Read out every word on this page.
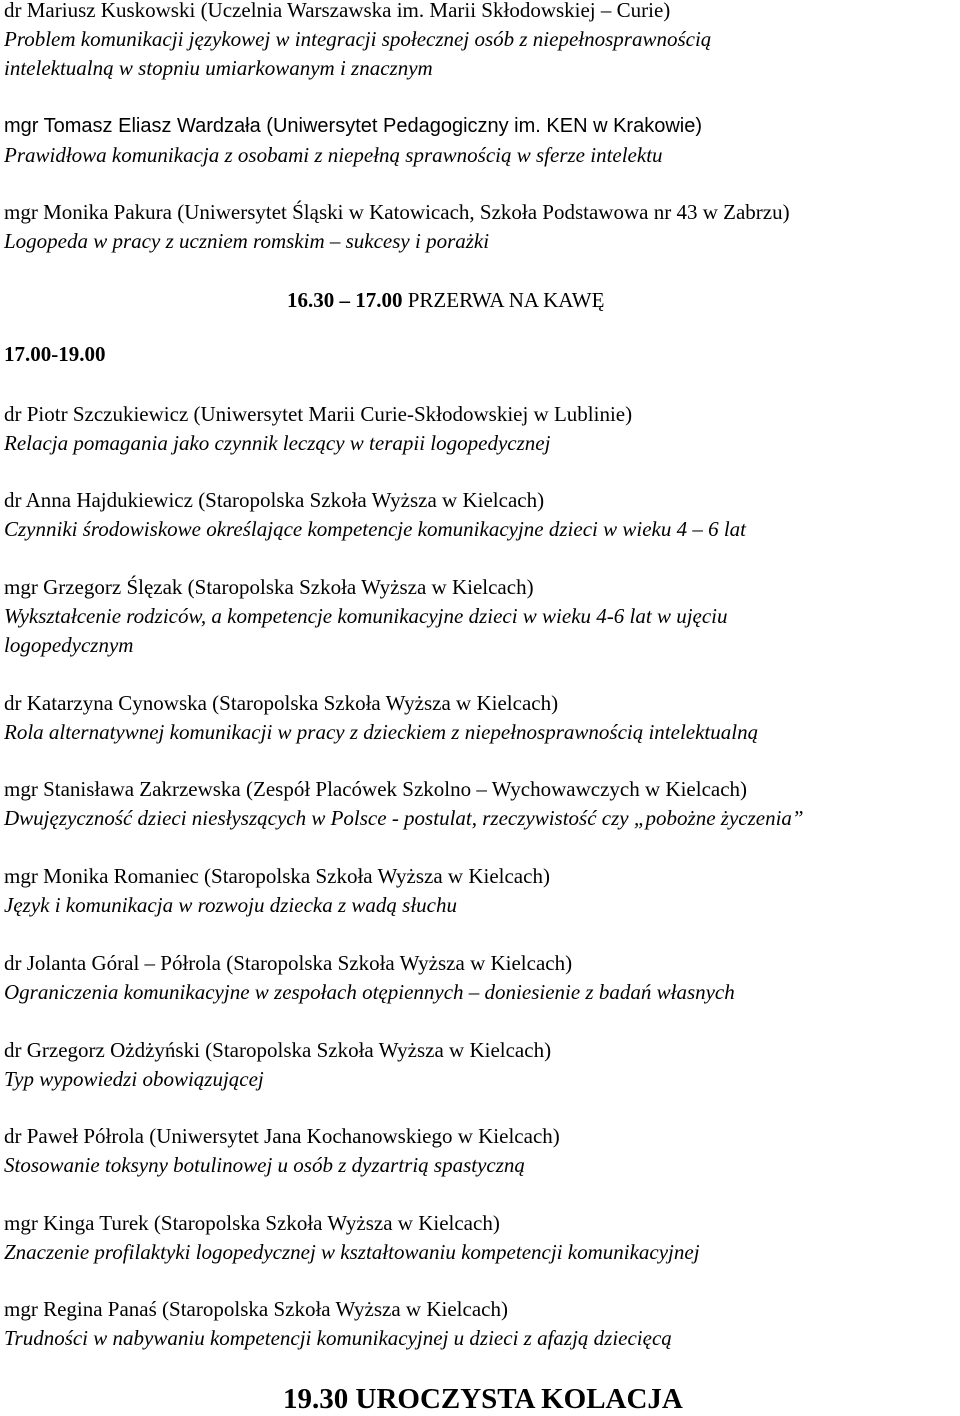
dr Mariusz Kuskowski (Uczelnia Warszawska im. Marii Skłodowskiej – Curie)
Problem komunikacji językowej w integracji społecznej osób z niepełnosprawnością
intelektualną w stopniu umiarkowanym i znacznym
mgr Tomasz Eliasz Wardzała (Uniwersytet Pedagogiczny im. KEN w Krakowie)
Prawidłowa komunikacja z osobami z niepełną sprawnością w sferze intelektu
mgr Monika Pakura (Uniwersytet Śląski w Katowicach, Szkoła Podstawowa nr 43 w Zabrzu)
Logopeda w pracy z uczniem romskim – sukcesy i porażki
16.30 – 17.00 PRZERWA NA KAWĘ
17.00-19.00
dr Piotr Szczukiewicz (Uniwersytet Marii Curie-Skłodowskiej w Lublinie)
Relacja pomagania jako czynnik leczący w terapii logopedycznej
dr Anna Hajdukiewicz (Staropolska Szkoła Wyższa w Kielcach)
Czynniki środowiskowe określające kompetencje komunikacyjne dzieci w wieku 4 – 6 lat
mgr Grzegorz Ślęzak (Staropolska Szkoła Wyższa w Kielcach)
Wykształcenie rodziców, a kompetencje komunikacyjne dzieci w wieku 4-6 lat w ujęciu
logopedycznym
dr Katarzyna Cynowska (Staropolska Szkoła Wyższa w Kielcach)
Rola alternatywnej komunikacji w pracy z dzieckiem z niepełnosprawnością intelektualną
mgr Stanisława Zakrzewska (Zespół Placówek Szkolno – Wychowawczych w Kielcach)
Dwujęzyczność dzieci niesłyszących w Polsce - postulat, rzeczywistość czy „pobożne życzenia”
mgr Monika Romaniec (Staropolska Szkoła Wyższa w Kielcach)
Język i komunikacja w rozwoju dziecka z wadą słuchu
dr Jolanta Góral – Półrola (Staropolska Szkoła Wyższa w Kielcach)
Ograniczenia komunikacyjne w zespołach otępiennych – doniesienie z badań własnych
dr Grzegorz Ożdżyński (Staropolska Szkoła Wyższa w Kielcach)
Typ wypowiedzi obowiązującej
dr Paweł Półrola (Uniwersytet Jana Kochanowskiego w Kielcach)
Stosowanie toksyny botulinowej u osób z dyzartrią spastyczną
mgr Kinga Turek (Staropolska Szkoła Wyższa w Kielcach)
Znaczenie profilaktyki logopedycznej w kształtowaniu kompetencji komunikacyjnej
mgr Regina Panaś (Staropolska Szkoła Wyższa w Kielcach)
Trudności w nabywaniu kompetencji komunikacyjnej u dzieci z afazją dziecięcą
19.30 UROCZYSTA KOLACJA
